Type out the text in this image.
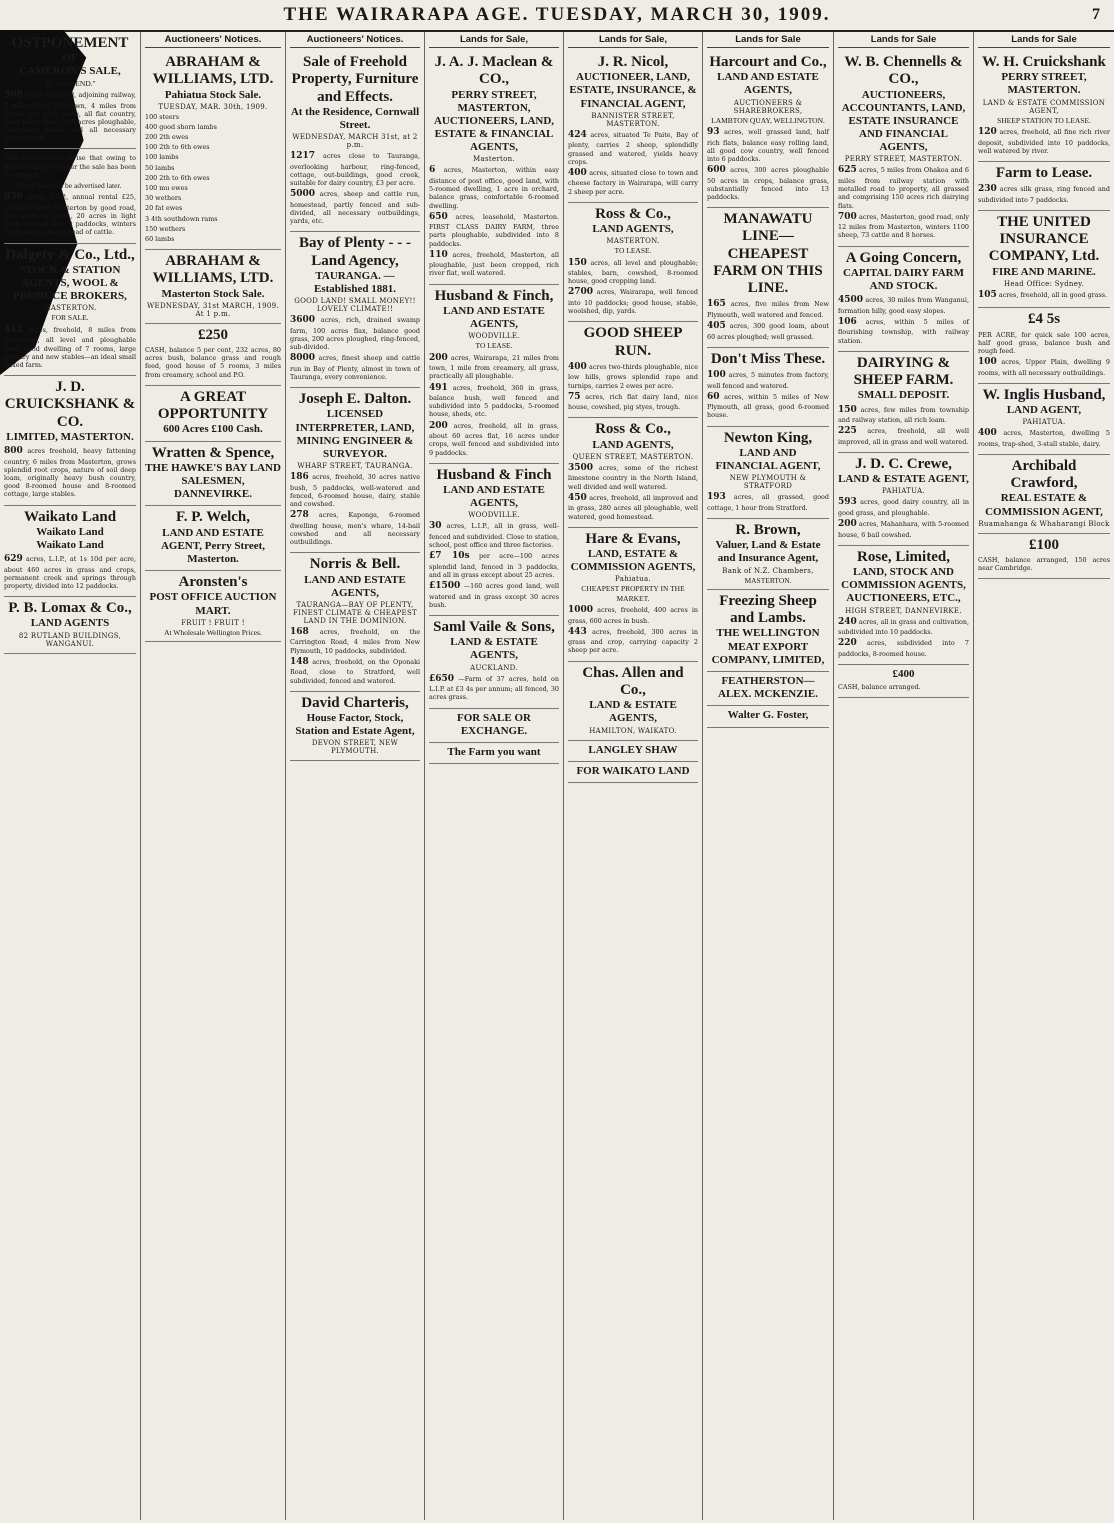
THE WAIRARAPA AGE. TUESDAY, MARCH 30, 1909.	7
OSTPONEMENT
OF
CAMERON'S SALE,
AT "HILLEND."
508 acres, freehold, adjoining railway, 3 miles from Greytown, 4 miles from school and post office, all flat country, good heavy land, 300 acres ploughable, 12-roomed house and all necessary outbuildings.
THE Auctioneers advise that owing to the inclement weather the sale has been postponed.
Fresh date will be advertised later.
830 acres, L.I.P., annual rental £25, 34 miles from Masterton by good road, 744 acres in grass, 20 acres in light bush, divided into 9 paddocks, winters 1500 sheep and 30 head of cattle.
Dalgety & Co., Ltd.,
STOCK & STATION AGENTS, WOOL & PRODUCE BROKERS,
MASTERTON.
FOR SALE.
442 acres, freehold, 8 miles from Masterton, all level and ploughable land, good dwelling of 7 rooms, large granary and new stables—an ideal small mixed farm.
J. D. CRUICKSHANK & CO.
LIMITED, MASTERTON.
800 acres freehold, heavy fattening country, 6 miles from Masterton, grows splendid root crops, nature of soil deep loam, originally heavy bush country, good 8-roomed house and 8-roomed cottage, large stables.
Waikato Land
Waikato Land
Waikato Land
629 acres, L.I.P., at 1s 10d per acre, about 460 acres in grass and crops, permanent creek and springs through property, divided into 12 paddocks.
P. B. Lomax & Co.,
LAND AGENTS
82 RUTLAND BUILDINGS, WANGANUI.
Auctioneers' Notices.
ABRAHAM & WILLIAMS, LTD.
Pahiatua Stock Sale.
TUESDAY, MAR. 30th, 1909.
100 steers
400 good shorn lambs
200 2th ewes
100 2th to 6th ewes
100 lambs
50 lambs
200 2th to 6th ewes
100 mu ewes
30 wethers
20 fat ewes
3 4th southdown rams
150 wethers
60 lambs
ABRAHAM & WILLIAMS, LTD.
Masterton Stock Sale.
WEDNESDAY, 31st MARCH, 1909. At 1 p.m.
£250
CASH, balance 5 per cent, 232 acres, 80 acres bush, balance grass and rough feed, good house of 5 rooms, 3 miles from creamery, school and P.O.
A GREAT OPPORTUNITY
600 Acres £100 Cash.
Wratten & Spence,
THE HAWKE'S BAY LAND SALESMEN, DANNEVIRKE.
F. P. Welch,
LAND AND ESTATE AGENT, Perry Street, Masterton.
Aronsten's
POST OFFICE AUCTION MART.
FRUIT ! FRUIT !
At Wholesale Wellington Prices.
Auctioneers' Notices.
Sale of Freehold Property, Furniture and Effects.
At the Residence, Cornwall Street.
WEDNESDAY, MARCH 31st, at 2 p.m.
1217 acres close to Tauranga, overlooking harbour, ring-fenced, cottage, out-buildings, good creek, suitable for dairy country, £3 per acre.
5000 acres, sheep and cattle run, homestead, partly fenced and sub-divided, all necessary outbuildings, yards, etc.
Bay of Plenty - - - Land Agency,
TAURANGA. — Established 1881.
GOOD LAND! SMALL MONEY!! LOVELY CLIMATE!!
3600 acres, rich, drained swamp farm, 100 acres flax, balance good grass, 200 acres ploughed, ring-fenced, sub-divided.
8000 acres, finest sheep and cattle run in Bay of Plenty, almost in town of Tauranga, every convenience.
Joseph E. Dalton.
LICENSED INTERPRETER, LAND, MINING ENGINEER & SURVEYOR.
WHARF STREET, TAURANGA.
186 acres, freehold, 30 acres native bush, 5 paddocks, well-watered and fenced, 6-roomed house, dairy, stable and cowshed.
278 acres, Kaponga, 6-roomed dwelling house, men's whare, 14-bail cowshed and all necessary outbuildings.
Norris & Bell.
LAND AND ESTATE AGENTS,
TAURANGA—BAY OF PLENTY, FINEST CLIMATE & CHEAPEST LAND IN THE DOMINION.
168 acres, freehold, on the Carrington Road, 4 miles from New Plymouth, 10 paddocks, subdivided.
148 acres, freehold, on the Oponaki Road, close to Stratford, well subdivided, fenced and watered.
David Charteris,
House Factor, Stock, Station and Estate Agent,
DEVON STREET, NEW PLYMOUTH.
Lands for Sale,
J. A. J. Maclean & CO.,
PERRY STREET, MASTERTON, AUCTIONEERS, LAND, ESTATE & FINANCIAL AGENTS,
Masterton.
6 acres, Masterton, within easy distance of post office, good land, with 5-roomed dwelling, 1 acre in orchard, balance grass, comfortable 6-roomed dwelling.
650 acres, leasehold, Masterton. FIRST CLASS DAIRY FARM, three parts ploughable, subdivided into 8 paddocks.
110 acres, freehold, Masterton, all ploughable, just been cropped, rich river flat, well watered.
Husband & Finch,
LAND AND ESTATE AGENTS,
WOODVILLE.
TO LEASE.
200 acres, Wairarapa, 21 miles from town, 1 mile from creamery, all grass, practically all ploughable.
491 acres, freehold, 360 in grass, balance bush, well fenced and subdivided into 5 paddocks, 5-roomed house, sheds, etc.
200 acres, freehold, all in grass, about 60 acres flat, 16 acres under crops, well fenced and subdivided into 9 paddocks.
Husband & Finch
LAND AND ESTATE AGENTS,
WOODVILLE.
30 acres, L.I.P., all in grass, well-fenced and subdivided. Close to station, school, post office and three factories.
£7 10s per acre—100 acres splendid land, fenced in 3 paddocks, and all in grass except about 25 acres.
£1500 —160 acres good land, well watered and in grass except 30 acres bush.
Saml Vaile & Sons,
LAND & ESTATE AGENTS,
AUCKLAND.
£650 —Farm of 37 acres, held on L.I.P. at £3 4s per annum; all fenced, 30 acres grass.
FOR SALE OR EXCHANGE.
The Farm you want
Lands for Sale,
J. R. Nicol,
AUCTIONEER, LAND, ESTATE, INSURANCE, & FINANCIAL AGENT,
BANNISTER STREET, MASTERTON.
424 acres, situated Te Paite, Bay of plenty, carries 2 sheep, splendidly grassed and watered, yields heavy crops.
400 acres, situated close to town and cheese factory in Wairarapa, will carry 2 sheep per acre.
Ross & Co.,
LAND AGENTS,
MASTERTON.
TO LEASE.
150 acres, all level and ploughable; stables, barn, cowshed, 8-roomed house, good cropping land.
2700 acres, Wairarapa, well fenced into 10 paddocks; good house, stable, woolshed, dip, yards.
GOOD SHEEP RUN.
400 acres two-thirds ploughable, nice low hills, grows splendid rape and turnips, carries 2 ewes per acre.
75 acres, rich flat dairy land, nice house, cowshed, pig styes, trough.
Ross & Co.,
LAND AGENTS,
QUEEN STREET, MASTERTON.
3500 acres, some of the richest limestone country in the North Island, well divided and well watered.
450 acres, freehold, all improved and in grass, 280 acres all ploughable, well watered, good homestead.
Hare & Evans,
LAND, ESTATE & COMMISSION AGENTS,
Pahiatua.
CHEAPEST PROPERTY IN THE MARKET.
1000 acres, freehold, 400 acres in grass, 600 acres in bush.
443 acres, freehold, 300 acres in grass and crop, carrying capacity 2 sheep per acre.
Chas. Allen and Co.,
LAND & ESTATE AGENTS,
HAMILTON, WAIKATO.
LANGLEY SHAW
FOR WAIKATO LAND
Lands for Sale
Harcourt and Co.,
LAND AND ESTATE AGENTS,
AUCTIONEERS & SHAREBROKERS,
LAMBTON QUAY, WELLINGTON.
93 acres, well grassed land, half rich flats, balance easy rolling land, all good cow country, well fenced into 6 paddocks.
600 acres, 300 acres ploughable 50 acres in crops, balance grass, substantially fenced into 13 paddocks.
MANAWATU LINE—CHEAPEST FARM ON THIS LINE.
165 acres, five miles from New Plymouth, well watered and fenced.
405 acres, 300 good loam, about 60 acres ploughed; well grassed.
Don't Miss These.
100 acres, 5 minutes from factory, well fenced and watered.
60 acres, within 5 miles of New Plymouth, all grass, good 6-roomed house.
Newton King,
LAND AND FINANCIAL AGENT,
NEW PLYMOUTH & STRATFORD
193 acres, all grassed, good cottage, 1 hour from Stratford.
R. Brown,
Valuer, Land & Estate and Insurance Agent,
Bank of N.Z. Chambers,
MASTERTON.
Freezing Sheep and Lambs.
THE WELLINGTON MEAT EXPORT COMPANY, LIMITED,
FEATHERSTON—ALEX. MCKENZIE.
Walter G. Foster,
Lands for Sale
W. B. Chennells & CO.,
AUCTIONEERS, ACCOUNTANTS, LAND, ESTATE INSURANCE AND FINANCIAL AGENTS,
PERRY STREET, MASTERTON.
625 acres, 5 miles from Ohakea and 6 miles from railway station with metalled road to property, all grassed and comprising 150 acres rich dairying flats.
700 acres, Masterton, good road, only 12 miles from Masterton, winters 1100 sheep, 73 cattle and 8 horses.
A Going Concern,
CAPITAL DAIRY FARM AND STOCK.
4500 acres, 30 miles from Wanganui, formation hilly, good easy slopes.
106 acres, within 5 miles of flourishing township, with railway station.
DAIRYING & SHEEP FARM.
SMALL DEPOSIT.
150 acres, few miles from township and railway station, all rich loam.
225 acres, freehold, all well improved, all in grass and well watered.
J. D. C. Crewe,
LAND & ESTATE AGENT,
PAHIATUA.
593 acres, good dairy country, all in good grass, and ploughable.
200 acres, Mahanhara, with 5-roomed house, 6 bail cowshed.
Rose, Limited,
LAND, STOCK AND COMMISSION AGENTS, AUCTIONEERS, ETC.,
HIGH STREET, DANNEVIRKE.
240 acres, all in grass and cultivation, subdivided into 10 paddocks.
220 acres, subdivided into 7 paddocks, 8-roomed house.
£400
CASH, balance arranged.
Lands for Sale
W. H. Cruickshank
PERRY STREET, MASTERTON.
LAND & ESTATE COMMISSION AGENT,
SHEEP STATION TO LEASE.
120 acres, freehold, all fine rich river deposit, subdivided into 10 paddocks, well watered by river.
Farm to Lease.
230 acres silk grass, ring fenced and subdivided into 7 paddocks.
THE UNITED INSURANCE COMPANY, Ltd.
FIRE AND MARINE.
Head Office: Sydney.
105 acres, freehold, all in good grass.
£4 5s
PER ACRE, for quick sale 100 acres, half good grass, balance bush and rough feed.
100 acres, Upper Plain, dwelling 9 rooms, with all necessary outbuildings.
W. Inglis Husband,
LAND AGENT,
PAHIATUA.
400 acres, Masterton, dwelling 5 rooms, trap-shed, 3-stall stable, dairy.
Archibald Crawford,
REAL ESTATE & COMMISSION AGENT,
Ruamahanga & Whaharangi Block
£100
CASH, balance arranged, 150 acres near Cambridge.
